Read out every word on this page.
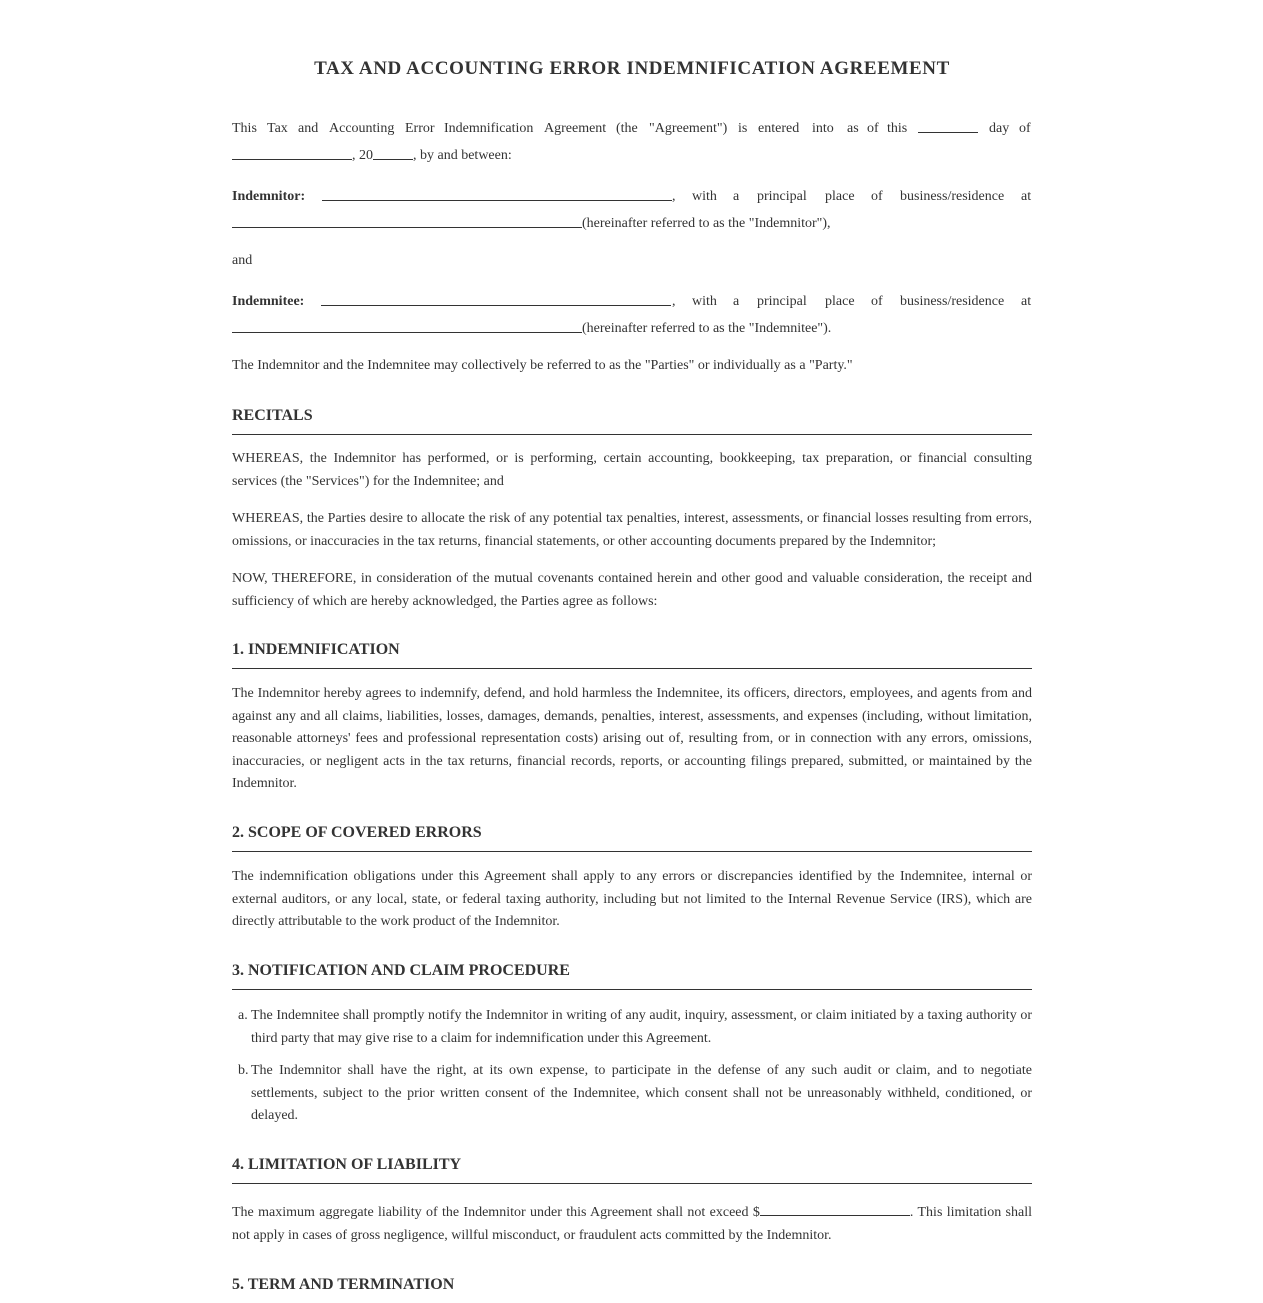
TAX AND ACCOUNTING ERROR INDEMNIFICATION AGREEMENT
This Tax and Accounting Error Indemnification Agreement (the "Agreement") is entered into as of this	day of
, 20	, by and between:
Indemnitor:	, with a principal place of business/residence at
(hereinafter referred to as the "Indemnitor"),
and
Indemnitee:	, with a principal place of business/residence at
(hereinafter referred to as the "Indemnitee").
The Indemnitor and the Indemnitee may collectively be referred to as the "Parties" or individually as a "Party."
RECITALS
WHEREAS, the Indemnitor has performed, or is performing, certain accounting, bookkeeping, tax preparation, or financial consulting services (the "Services") for the Indemnitee; and
WHEREAS, the Parties desire to allocate the risk of any potential tax penalties, interest, assessments, or financial losses resulting from errors, omissions, or inaccuracies in the tax returns, financial statements, or other accounting documents prepared by the Indemnitor;
NOW, THEREFORE, in consideration of the mutual covenants contained herein and other good and valuable consideration, the receipt and sufficiency of which are hereby acknowledged, the Parties agree as follows:
1. INDEMNIFICATION
The Indemnitor hereby agrees to indemnify, defend, and hold harmless the Indemnitee, its officers, directors, employees, and agents from and against any and all claims, liabilities, losses, damages, demands, penalties, interest, assessments, and expenses (including, without limitation, reasonable attorneys' fees and professional representation costs) arising out of, resulting from, or in connection with any errors, omissions, inaccuracies, or negligent acts in the tax returns, financial records, reports, or accounting filings prepared, submitted, or maintained by the Indemnitor.
2. SCOPE OF COVERED ERRORS
The indemnification obligations under this Agreement shall apply to any errors or discrepancies identified by the Indemnitee, internal or external auditors, or any local, state, or federal taxing authority, including but not limited to the Internal Revenue Service (IRS), which are directly attributable to the work product of the Indemnitor.
3. NOTIFICATION AND CLAIM PROCEDURE
a. The Indemnitee shall promptly notify the Indemnitor in writing of any audit, inquiry, assessment, or claim initiated by a taxing authority or third party that may give rise to a claim for indemnification under this Agreement.
b. The Indemnitor shall have the right, at its own expense, to participate in the defense of any such audit or claim, and to negotiate settlements, subject to the prior written consent of the Indemnitee, which consent shall not be unreasonably withheld, conditioned, or delayed.
4. LIMITATION OF LIABILITY
The maximum aggregate liability of the Indemnitor under this Agreement shall not exceed $	. This limitation shall not apply in cases of gross negligence, willful misconduct, or fraudulent acts committed by the Indemnitor.
5. TERM AND TERMINATION
